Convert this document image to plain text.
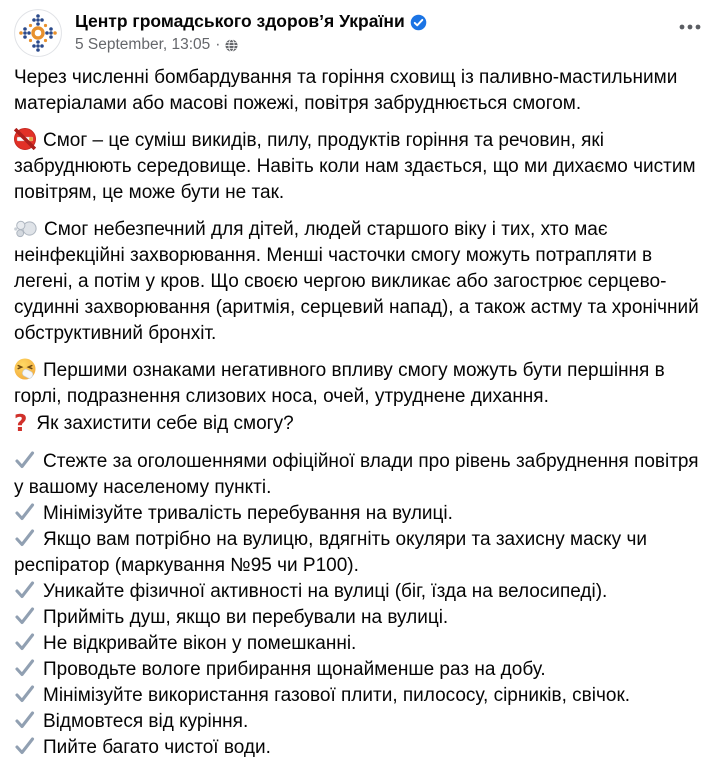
Центр громадського здоров’я України
5 September, 13:05 ·

Через численні бомбардування та горіння сховищ із паливно-мастильними матеріалами або масові пожежі, повітря забруднюється смогом.

Смог – це суміш викидів, пилу, продуктів горіння та речовин, які забруднюють середовище. Навіть коли нам здається, що ми дихаємо чистим повітрям, це може бути не так.

Смог небезпечний для дітей, людей старшого віку і тих, хто має неінфекційні захворювання. Менші часточки смогу можуть потрапляти в легені, а потім у кров. Що своєю чергою викликає або загострює серцево-судинні захворювання (аритмія, серцевий напад), а також астму та хронічний обструктивний бронхіт.

Першими ознаками негативного впливу смогу можуть бути першіння в горлі, подразнення слизових носа, очей, утруднене дихання.

? Як захистити себе від смогу?

Стежте за оголошеннями офіційної влади про рівень забруднення повітря у вашому населеному пункті.
Мінімізуйте тривалість перебування на вулиці.
Якщо вам потрібно на вулицю, вдягніть окуляри та захисну маску чи респіратор (маркування №95 чи Р100).
Уникайте фізичної активності на вулиці (біг, їзда на велосипеді).
Прийміть душ, якщо ви перебували на вулиці.
Не відкривайте вікон у помешканні.
Проводьте вологе прибирання щонайменше раз на добу.
Мінімізуйте використання газової плити, пилососу, сірників, свічок.
Відмовтеся від куріння.
Пийте багато чистої води.
